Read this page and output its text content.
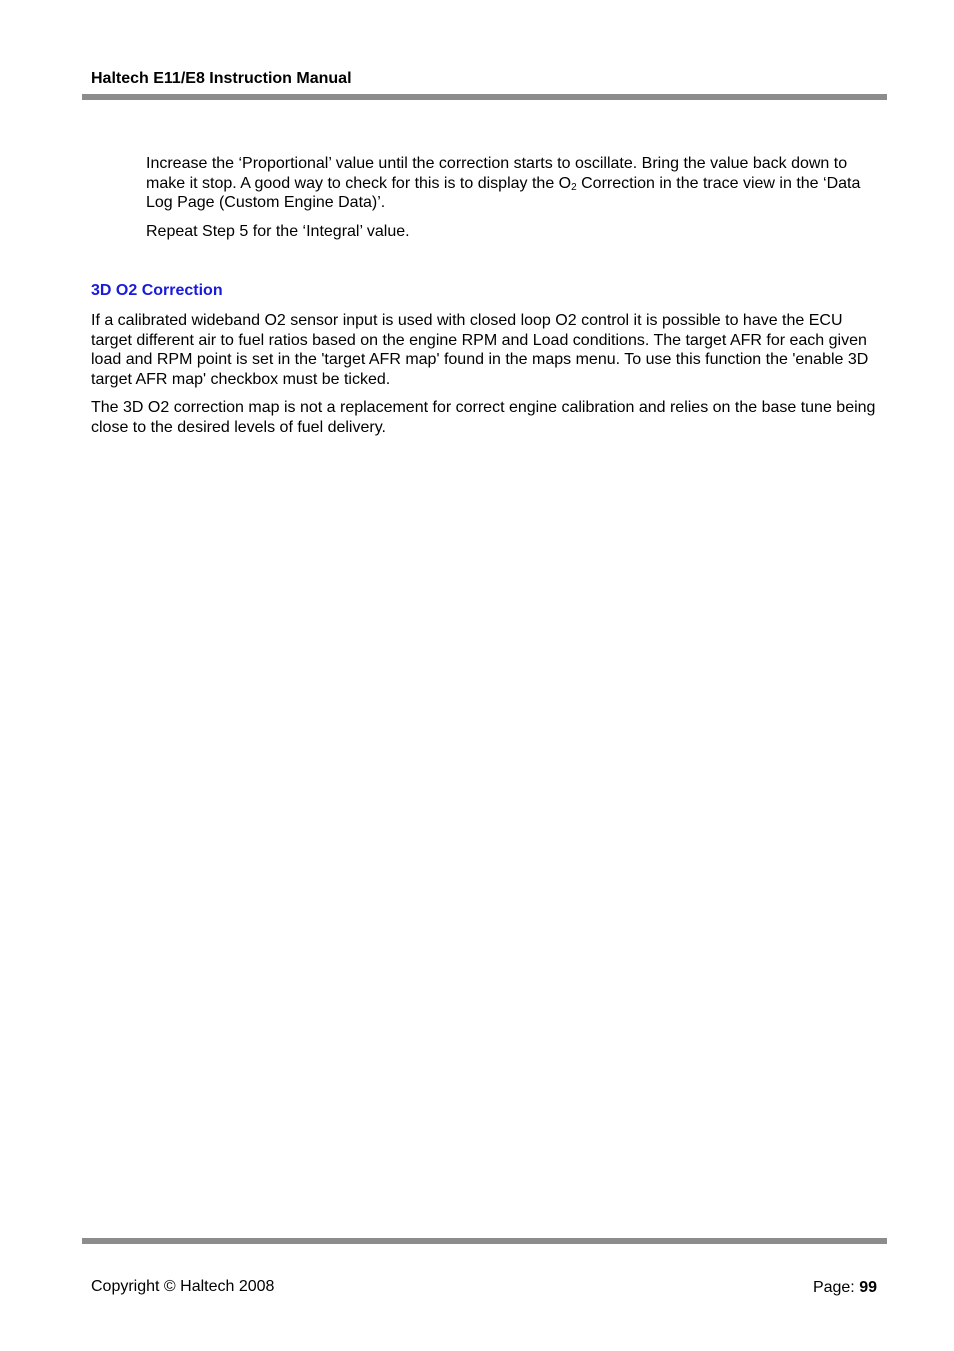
Haltech E11/E8 Instruction Manual

Increase the ‘Proportional’ value until the correction starts to oscillate. Bring the value back down to make it stop. A good way to check for this is to display the $O_2$ Correction in the trace view in the ‘Data Log Page (Custom Engine Data)’.

Repeat Step 5 for the ‘Integral’ value.

3D O2 Correction

If a calibrated wideband O2 sensor input is used with closed loop O2 control it is possible to have the ECU target different air to fuel ratios based on the engine RPM and Load conditions. The target AFR for each given load and RPM point is set in the 'target AFR map' found in the maps menu. To use this function the 'enable 3D target AFR map' checkbox must be ticked.

The 3D O2 correction map is not a replacement for correct engine calibration and relies on the base tune being close to the desired levels of fuel delivery.

Copyright © Haltech 2008	Page: 99
